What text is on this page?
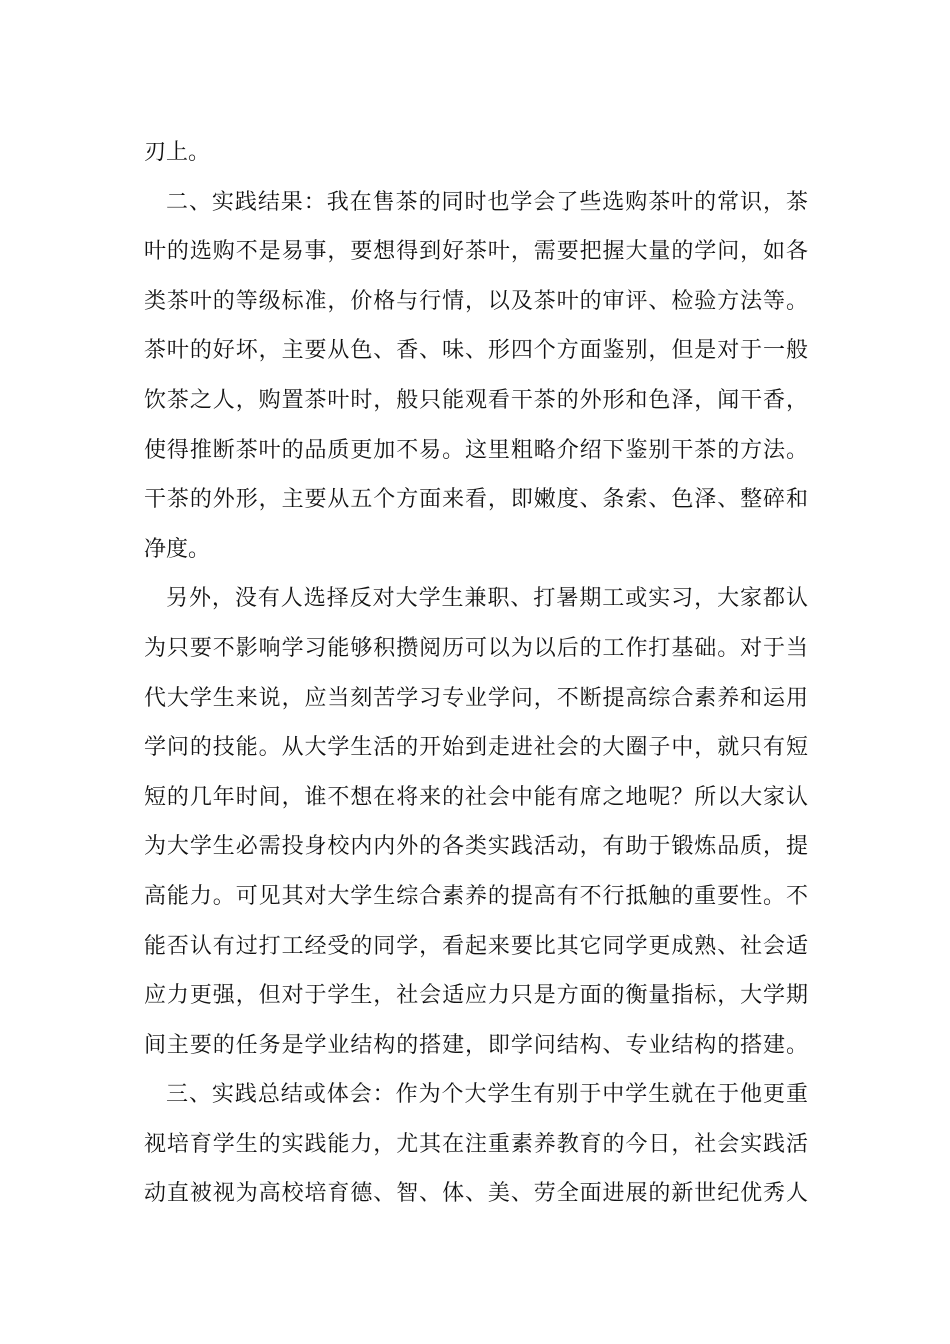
刃上。
二、实践结果：我在售茶的同时也学会了些选购茶叶的常识，茶
叶的选购不是易事，要想得到好茶叶，需要把握大量的学问，如各
类茶叶的等级标准，价格与行情，以及茶叶的审评、检验方法等。
茶叶的好坏，主要从色、香、味、形四个方面鉴别，但是对于一般
饮茶之人，购置茶叶时，般只能观看干茶的外形和色泽，闻干香，
使得推断茶叶的品质更加不易。这里粗略介绍下鉴别干茶的方法。
干茶的外形，主要从五个方面来看，即嫩度、条索、色泽、整碎和
净度。
另外，没有人选择反对大学生兼职、打暑期工或实习，大家都认
为只要不影响学习能够积攒阅历可以为以后的工作打基础。对于当
代大学生来说，应当刻苦学习专业学问，不断提高综合素养和运用
学问的技能。从大学生活的开始到走进社会的大圈子中，就只有短
短的几年时间，谁不想在将来的社会中能有席之地呢？所以大家认
为大学生必需投身校内内外的各类实践活动，有助于锻炼品质，提
高能力。可见其对大学生综合素养的提高有不行抵触的重要性。不
能否认有过打工经受的同学，看起来要比其它同学更成熟、社会适
应力更强，但对于学生，社会适应力只是方面的衡量指标，大学期
间主要的任务是学业结构的搭建，即学问结构、专业结构的搭建。
三、实践总结或体会：作为个大学生有别于中学生就在于他更重
视培育学生的实践能力，尤其在注重素养教育的今日，社会实践活
动直被视为高校培育德、智、体、美、劳全面进展的新世纪优秀人
